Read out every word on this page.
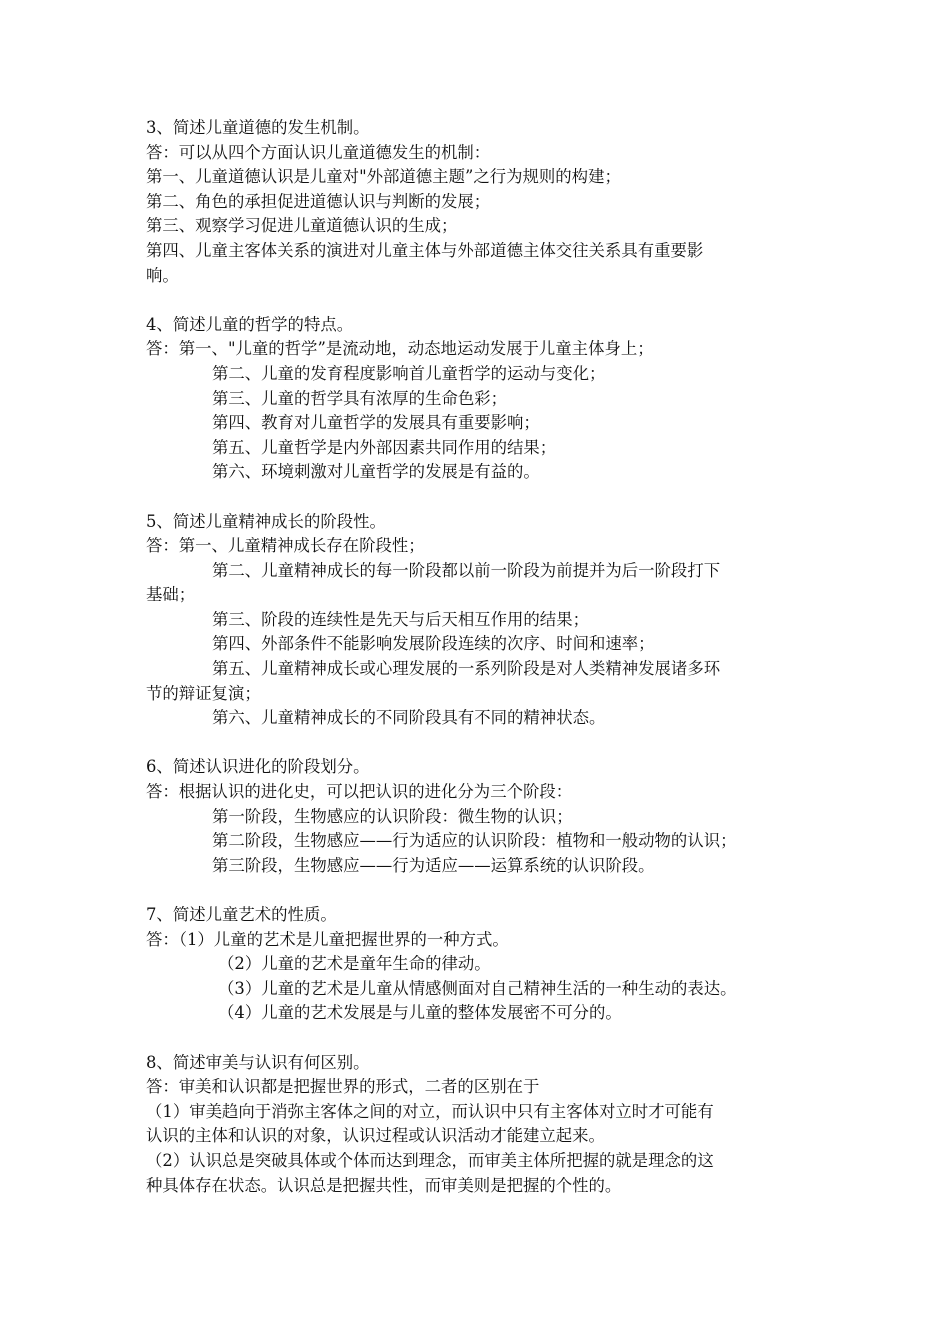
3、简述儿童道德的发生机制。
答：可以从四个方面认识儿童道德发生的机制：
第一、儿童道德认识是儿童对"外部道德主题”之行为规则的构建；
第二、角色的承担促进道德认识与判断的发展；
第三、观察学习促进儿童道德认识的生成；
第四、儿童主客体关系的演进对儿童主体与外部道德主体交往关系具有重要影
响。
4、简述儿童的哲学的特点。
答：第一、"儿童的哲学”是流动地，动态地运动发展于儿童主体身上；
第二、儿童的发育程度影响首儿童哲学的运动与变化；
第三、儿童的哲学具有浓厚的生命色彩；
第四、教育对儿童哲学的发展具有重要影响；
第五、儿童哲学是内外部因素共同作用的结果；
第六、环境刺激对儿童哲学的发展是有益的。
5、简述儿童精神成长的阶段性。
答：第一、儿童精神成长存在阶段性；
第二、儿童精神成长的每一阶段都以前一阶段为前提并为后一阶段打下
基础；
第三、阶段的连续性是先天与后天相互作用的结果；
第四、外部条件不能影响发展阶段连续的次序、时间和速率；
第五、儿童精神成长或心理发展的一系列阶段是对人类精神发展诸多环
节的辩证复演；
第六、儿童精神成长的不同阶段具有不同的精神状态。
6、简述认识进化的阶段划分。
答：根据认识的进化史，可以把认识的进化分为三个阶段：
第一阶段，生物感应的认识阶段：微生物的认识；
第二阶段，生物感应——行为适应的认识阶段：植物和一般动物的认识；
第三阶段，生物感应——行为适应——运算系统的认识阶段。
7、简述儿童艺术的性质。
答：（1）儿童的艺术是儿童把握世界的一种方式。
（2）儿童的艺术是童年生命的律动。
（3）儿童的艺术是儿童从情感侧面对自己精神生活的一种生动的表达。
（4）儿童的艺术发展是与儿童的整体发展密不可分的。
8、简述审美与认识有何区别。
答：审美和认识都是把握世界的形式，二者的区别在于
（1）审美趋向于消弥主客体之间的对立，而认识中只有主客体对立时才可能有
认识的主体和认识的对象，认识过程或认识活动才能建立起来。
（2）认识总是突破具体或个体而达到理念，而审美主体所把握的就是理念的这
种具体存在状态。认识总是把握共性，而审美则是把握的个性的。
